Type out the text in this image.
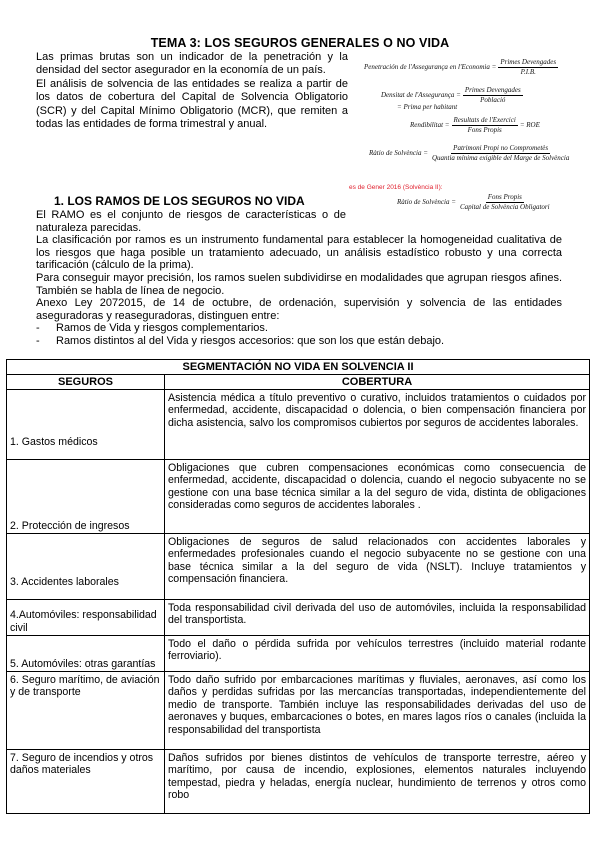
TEMA 3: LOS SEGUROS GENERALES O NO VIDA
Las primas brutas son un indicador de la penetración y la densidad del sector asegurador en la economía de un país.
El análisis de solvencia de las entidades se realiza a partir de los datos de cobertura del Capital de Solvencia Obligatorio (SCR) y del Capital Mínimo Obligatorio (MCR), que remiten a todas las entidades de forma trimestral y anual.
Penetración de l'Assegurança en l'Economia = $\frac{\text{Primes Devengades}}{P.I.B.}$
Densitat de l'Assegurança = $\frac{\text{Primes Devengades}}{\text{Població}}$
= Prima per habitant
Rendibilitat = $\frac{\text{Resultats de l'Exercici}}{\text{Fons Propis}}$ = ROE
Ràtio de Solvència = $\frac{\text{Patrimoni Propi no Comprometès}}{\text{Quantia mínima exigible del Marge de Solvència}}$
es de Gener 2016 (Solvència II):
Ràtio de Solvència = $\frac{\text{Fons Propis}}{\text{Capital de Solvència Obligatori}}$
1. LOS RAMOS DE LOS SEGUROS NO VIDA

El RAMO es el conjunto de riesgos de características o de naturaleza parecidas.

La clasificación por ramos es un instrumento fundamental para establecer la homogeneidad cualitativa de los riesgos que haga posible un tratamiento adecuado, un análisis estadístico robusto y una correcta tarificación (cálculo de la prima).

Para conseguir mayor precisión, los ramos suelen subdividirse en modalidades que agrupan riesgos afines. También se habla de línea de negocio.

Anexo Ley 2072015, de 14 de octubre, de ordenación, supervisión y solvencia de las entidades aseguradoras y reaseguradoras, distinguen entre:

- Ramos de Vida y riesgos complementarios.
- Ramos distintos al del Vida y riesgos accesorios: que son los que están debajo.
SEGMENTACIÓN NO VIDA EN SOLVENCIA II	
SEGUROS	COBERTURA

1. Gastos médicos	Asistencia médica a título preventivo o curativo, incluidos tratamientos o cuidados por enfermedad, accidente, discapacidad o dolencia, o bien compensación financiera por dicha asistencia, salvo los compromisos cubiertos por seguros de accidentes laborales.

2. Protección de ingresos	Obligaciones que cubren compensaciones económicas como consecuencia de enfermedad, accidente, discapacidad o dolencia, cuando el negocio subyacente no se gestione con una base técnica similar a la del seguro de vida, distinta de obligaciones consideradas como seguros de accidentes laborales .

3. Accidentes laborales	Obligaciones de seguros de salud relacionados con accidentes laborales y enfermedades profesionales cuando el negocio subyacente no se gestione con una base técnica similar a la del seguro de vida (NSLT). Incluye tratamientos y compensación financiera.

4.Automóviles: responsabilidad civil	Toda responsabilidad civil derivada del uso de automóviles, incluida la responsabilidad del transportista.

5. Automóviles: otras garantías	Todo el daño o pérdida sufrida por vehículos terrestres (incluido material rodante ferroviario).

6. Seguro marítimo, de aviación y de transporte	Todo daño sufrido por embarcaciones marítimas y fluviales, aeronaves, así como los daños y perdidas sufridas por las mercancías transportadas, independientemente del medio de transporte. También incluye las responsabilidades derivadas del uso de aeronaves y buques, embarcaciones o botes, en mares lagos ríos o canales (incluida la responsabilidad del transportista

7. Seguro de incendios y otros daños materiales	Daños sufridos por bienes distintos de vehículos de transporte terrestre, aéreo y marítimo, por causa de incendio, explosiones, elementos naturales incluyendo tempestad, piedra y heladas, energía nuclear, hundimiento de terrenos y otros como robo
